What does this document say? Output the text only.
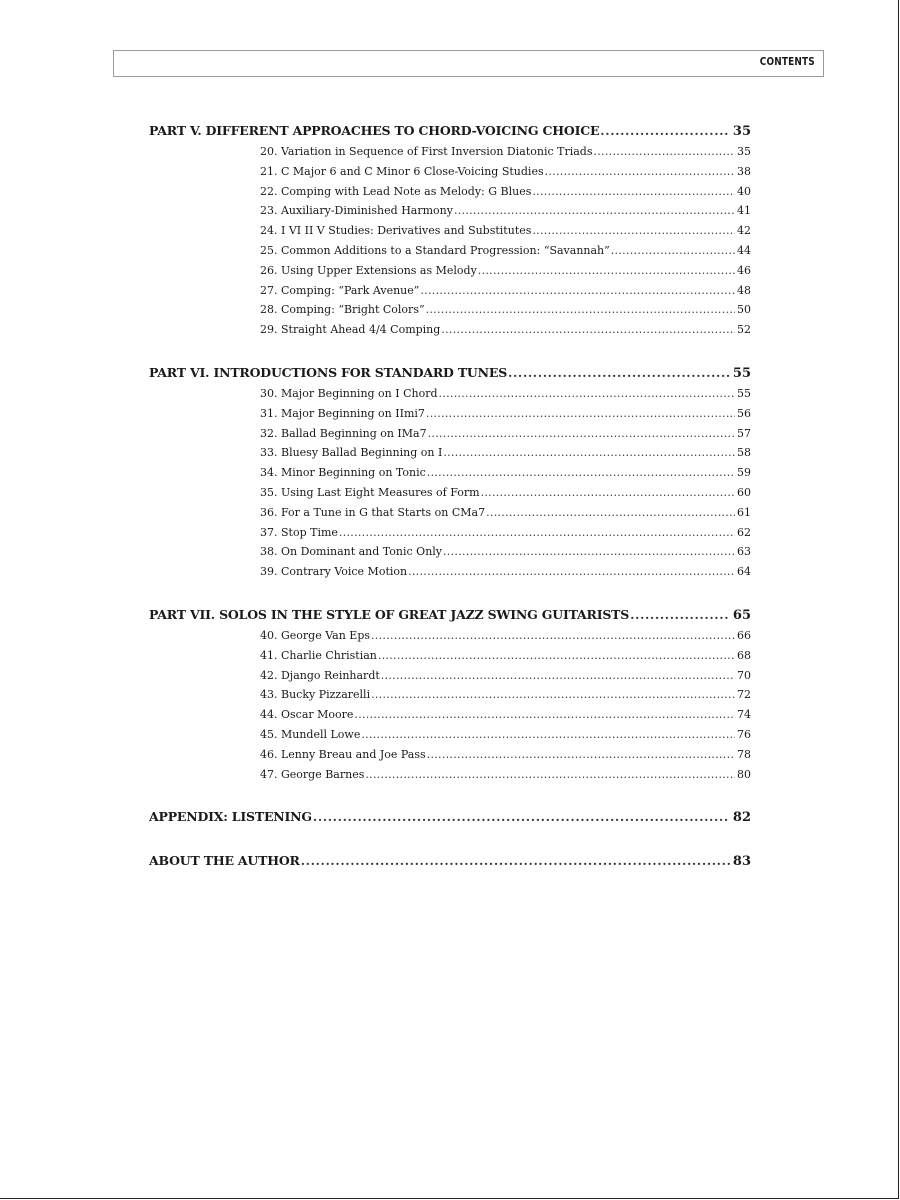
CONTENTS
PART V. DIFFERENT APPROACHES TO CHORD-VOICING CHOICE .....	35
20. Variation in Sequence of First Inversion Diatonic Triads .....	35
21. C Major 6 and C Minor 6 Close-Voicing Studies .....	38
22. Comping with Lead Note as Melody: G Blues .....	40
23. Auxiliary-Diminished Harmony .....	41
24. I VI II V Studies: Derivatives and Substitutes .....	42
25. Common Additions to a Standard Progression: “Savannah” .....	44
26. Using Upper Extensions as Melody .....	46
27. Comping: “Park Avenue” .....	48
28. Comping: “Bright Colors” .....	50
29. Straight Ahead 4/4 Comping .....	52
PART VI. INTRODUCTIONS FOR STANDARD TUNES .....	55
30. Major Beginning on I Chord .....	55
31. Major Beginning on IImi7 .....	56
32. Ballad Beginning on IMa7 .....	57
33. Bluesy Ballad Beginning on I .....	58
34. Minor Beginning on Tonic .....	59
35. Using Last Eight Measures of Form .....	60
36. For a Tune in G that Starts on CMa7 .....	61
37. Stop Time .....	62
38. On Dominant and Tonic Only .....	63
39. Contrary Voice Motion .....	64
PART VII. SOLOS IN THE STYLE OF GREAT JAZZ SWING GUITARISTS .....	65
40. George Van Eps .....	66
41. Charlie Christian .....	68
42. Django Reinhardt .....	70
43. Bucky Pizzarelli .....	72
44. Oscar Moore .....	74
45. Mundell Lowe .....	76
46. Lenny Breau and Joe Pass .....	78
47. George Barnes .....	80
APPENDIX: LISTENING .....	82
ABOUT THE AUTHOR .....	83
